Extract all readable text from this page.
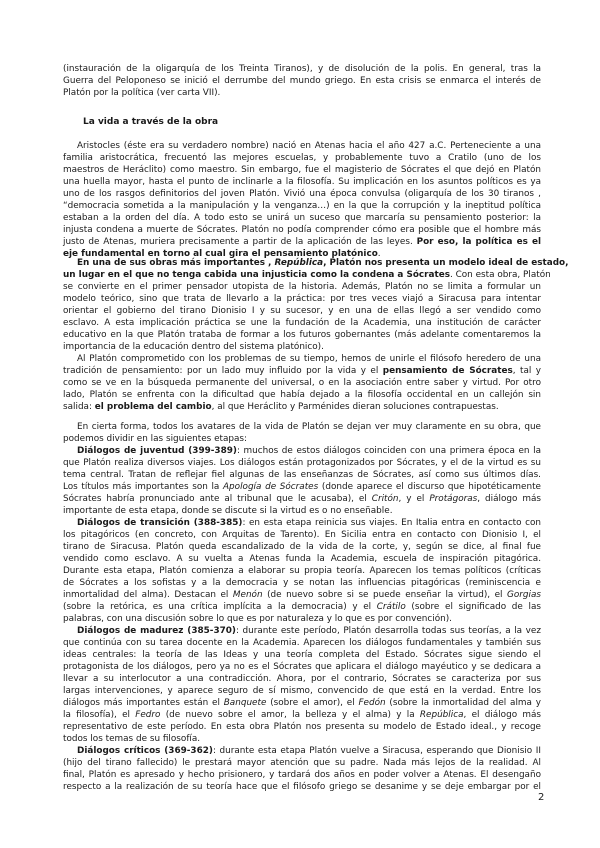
(instauración de la oligarquía de los Treinta Tiranos), y de disolución de la polis. En general, tras la
Guerra del Peloponeso se inició el derrumbe del mundo griego. En esta crisis se enmarca el interés de
Platón por la política (ver carta VII).
La vida a través de la obra
Aristocles (éste era su verdadero nombre) nació en Atenas hacia el año 427 a.C. Perteneciente a una
familia aristocrática, frecuentó las mejores escuelas, y probablemente tuvo a Cratilo (uno de los
maestros de Heráclito) como maestro. Sin embargo, fue el magisterio de Sócrates el que dejó en Platón
una huella mayor, hasta el punto de inclinarle a la filosofía. Su implicación en los asuntos políticos es ya
uno de los rasgos definitorios del joven Platón. Vivió una época convulsa (oligarquía de los 30 tiranos ,
“democracia sometida a la manipulación y la venganza…) en la que la corrupción y la ineptitud política
estaban a la orden del día. A todo esto se unirá un suceso que marcaría su pensamiento posterior: la
injusta condena a muerte de Sócrates. Platón no podía comprender cómo era posible que el hombre más
justo de Atenas, muriera precisamente a partir de la aplicación de las leyes. Por eso, la política es el
eje fundamental en torno al cual gira el pensamiento platónico.
En una de sus obras más importantes , República, Platón nos presenta un modelo ideal de estado,
un lugar en el que no tenga cabida una injusticia como la condena a Sócrates. Con esta obra, Platón
se convierte en el primer pensador utopista de la historia. Además, Platón no se limita a formular un
modelo teórico, sino que trata de llevarlo a la práctica: por tres veces viajó a Siracusa para intentar
orientar el gobierno del tirano Dionisio I y su sucesor, y en una de ellas llegó a ser vendido como
esclavo. A esta implicación práctica se une la fundación de la Academia, una institución de carácter
educativo en la que Platón trataba de formar a los futuros gobernantes (más adelante comentaremos la
importancia de la educación dentro del sistema platónico).
Al Platón comprometido con los problemas de su tiempo, hemos de unirle el filósofo heredero de una
tradición de pensamiento: por un lado muy influido por la vida y el pensamiento de Sócrates, tal y
como se ve en la búsqueda permanente del universal, o en la asociación entre saber y virtud. Por otro
lado, Platón se enfrenta con la dificultad que había dejado a la filosofía occidental en un callejón sin
salida: el problema del cambio, al que Heráclito y Parménides dieran soluciones contrapuestas.
En cierta forma, todos los avatares de la vida de Platón se dejan ver muy claramente en su obra, que
podemos dividir en las siguientes etapas:
Diálogos de juventud (399-389): muchos de estos diálogos coinciden con una primera época en la
que Platón realiza diversos viajes. Los diálogos están protagonizados por Sócrates, y el de la virtud es su
tema central. Tratan de reflejar fiel algunas de las enseñanzas de Sócrates, así como sus últimos días.
Los títulos más importantes son la Apología de Sócrates (donde aparece el discurso que hipotéticamente
Sócrates habría pronunciado ante al tribunal que le acusaba), el Critón, y el Protágoras, diálogo más
importante de esta etapa, donde se discute si la virtud es o no enseñable.
Diálogos de transición (388-385): en esta etapa reinicia sus viajes. En Italia entra en contacto con
los pitagóricos (en concreto, con Arquitas de Tarento). En Sicilia entra en contacto con Dionisio I, el
tirano de Siracusa. Platón queda escandalizado de la vida de la corte, y, según se dice, al final fue
vendido como esclavo. A su vuelta a Atenas funda la Academia, escuela de inspiración pitagórica.
Durante esta etapa, Platón comienza a elaborar su propia teoría. Aparecen los temas políticos (críticas
de Sócrates a los sofistas y a la democracia y se notan las influencias pitagóricas (reminiscencia e
inmortalidad del alma). Destacan el Menón (de nuevo sobre si se puede enseñar la virtud), el Gorgias
(sobre la retórica, es una crítica implícita a la democracia) y el Crátilo (sobre el significado de las
palabras, con una discusión sobre lo que es por naturaleza y lo que es por convención).
Diálogos de madurez (385-370): durante este período, Platón desarrolla todas sus teorías, a la vez
que continúa con su tarea docente en la Academia. Aparecen los diálogos fundamentales y también sus
ideas centrales: la teoría de las Ideas y una teoría completa del Estado. Sócrates sigue siendo el
protagonista de los diálogos, pero ya no es el Sócrates que aplicara el diálogo mayéutico y se dedicara a
llevar a su interlocutor a una contradicción. Ahora, por el contrario, Sócrates se caracteriza por sus
largas intervenciones, y aparece seguro de sí mismo, convencido de que está en la verdad. Entre los
diálogos más importantes están el Banquete (sobre el amor), el Fedón (sobre la inmortalidad del alma y
la filosofía), el Fedro (de nuevo sobre el amor, la belleza y el alma) y la República, el diálogo más
representativo de este período. En esta obra Platón nos presenta su modelo de Estado ideal., y recoge
todos los temas de su filosofía.
Diálogos críticos (369-362): durante esta etapa Platón vuelve a Siracusa, esperando que Dionisio II
(hijo del tirano fallecido) le prestará mayor atención que su padre. Nada más lejos de la realidad. Al
final, Platón es apresado y hecho prisionero, y tardará dos años en poder volver a Atenas. El desengaño
respecto a la realización de su teoría hace que el filósofo griego se desanime y se deje embargar por el
2
